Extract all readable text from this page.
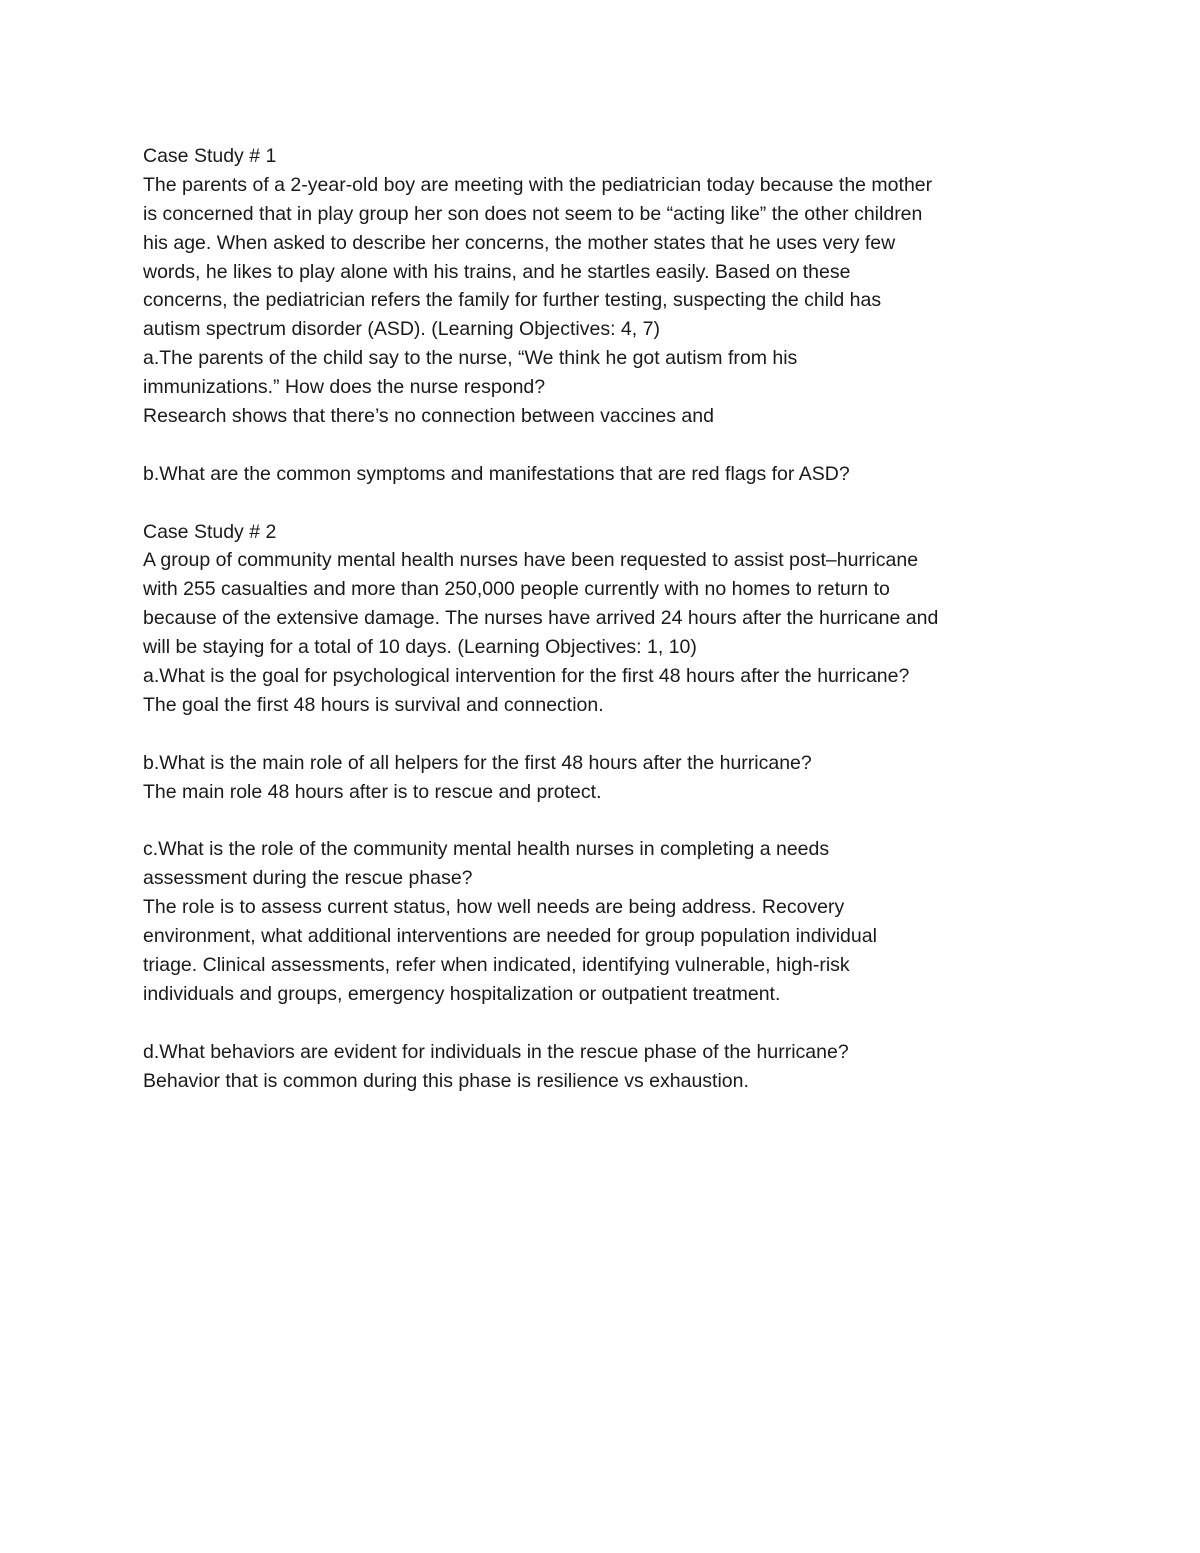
Case Study # 1
The parents of a 2-year-old boy are meeting with the pediatrician today because the mother
is concerned that in play group her son does not seem to be “acting like” the other children
his age. When asked to describe her concerns, the mother states that he uses very few
words, he likes to play alone with his trains, and he startles easily. Based on these
concerns, the pediatrician refers the family for further testing, suspecting the child has
autism spectrum disorder (ASD). (Learning Objectives: 4, 7)
a.The parents of the child say to the nurse, “We think he got autism from his
immunizations.” How does the nurse respond?
Research shows that there’s no connection between vaccines and
b.What are the common symptoms and manifestations that are red flags for ASD?
Case Study # 2
A group of community mental health nurses have been requested to assist post–hurricane
with 255 casualties and more than 250,000 people currently with no homes to return to
because of the extensive damage. The nurses have arrived 24 hours after the hurricane and
will be staying for a total of 10 days. (Learning Objectives: 1, 10)
a.What is the goal for psychological intervention for the first 48 hours after the hurricane?
The goal the first 48 hours is survival and connection.
b.What is the main role of all helpers for the first 48 hours after the hurricane?
The main role 48 hours after is to rescue and protect.
c.What is the role of the community mental health nurses in completing a needs
assessment during the rescue phase?
The role is to assess current status, how well needs are being address. Recovery
environment, what additional interventions are needed for group population individual
triage. Clinical assessments, refer when indicated, identifying vulnerable, high-risk
individuals and groups, emergency hospitalization or outpatient treatment.
d.What behaviors are evident for individuals in the rescue phase of the hurricane?
Behavior that is common during this phase is resilience vs exhaustion.
